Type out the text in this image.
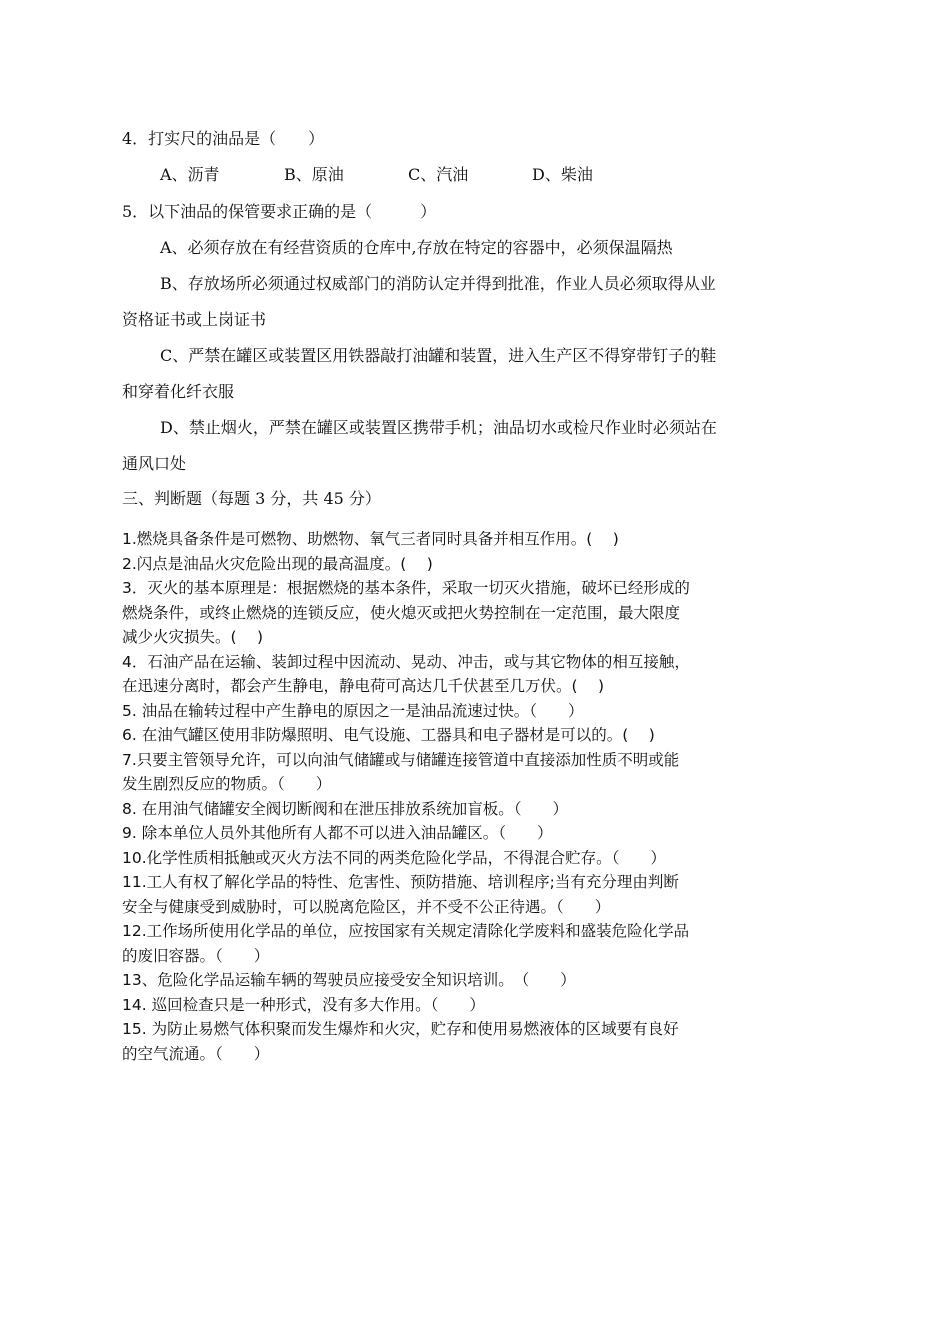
4．打实尺的油品是（　　）
A、沥青	B、原油	C、汽油	D、柴油
5．以下油品的保管要求正确的是（　　　）
A、必须存放在有经营资质的仓库中,存放在特定的容器中，必须保温隔热
B、存放场所必须通过权威部门的消防认定并得到批准，作业人员必须取得从业
资格证书或上岗证书
C、严禁在罐区或装置区用铁器敲打油罐和装置，进入生产区不得穿带钉子的鞋
和穿着化纤衣服
D、禁止烟火，严禁在罐区或装置区携带手机；油品切水或检尺作业时必须站在
通风口处
三、判断题（每题 3 分，共 45 分）
1.燃烧具备条件是可燃物、助燃物、氧气三者同时具备并相互作用。(　 )
2.闪点是油品火灾危险出现的最高温度。(　 )
3．灭火的基本原理是：根据燃烧的基本条件，采取一切灭火措施，破坏已经形成的
燃烧条件，或终止燃烧的连锁反应，使火熄灭或把火势控制在一定范围，最大限度
减少火灾损失。(　 )
4．石油产品在运输、装卸过程中因流动、晃动、冲击，或与其它物体的相互接触，
在迅速分离时，都会产生静电，静电荷可高达几千伏甚至几万伏。(　 )
5. 油品在输转过程中产生静电的原因之一是油品流速过快。（　　）
6. 在油气罐区使用非防爆照明、电气设施、工器具和电子器材是可以的。(　 )
7.只要主管领导允许，可以向油气储罐或与储罐连接管道中直接添加性质不明或能
发生剧烈反应的物质。（　　）
8. 在用油气储罐安全阀切断阀和在泄压排放系统加盲板。（　　）
9. 除本单位人员外其他所有人都不可以进入油品罐区。（　　）
10.化学性质相抵触或灭火方法不同的两类危险化学品，不得混合贮存。（　　）
11.工人有权了解化学品的特性、危害性、预防措施、培训程序;当有充分理由判断
安全与健康受到威胁时，可以脱离危险区，并不受不公正待遇。（　　）
12.工作场所使用化学品的单位，应按国家有关规定清除化学废料和盛装危险化学品
的废旧容器。（　　）
13、危险化学品运输车辆的驾驶员应接受安全知识培训。　（　　）
14. 巡回检查只是一种形式，没有多大作用。（　　）
15. 为防止易燃气体积聚而发生爆炸和火灾，贮存和使用易燃液体的区域要有良好
的空气流通。（　　）
